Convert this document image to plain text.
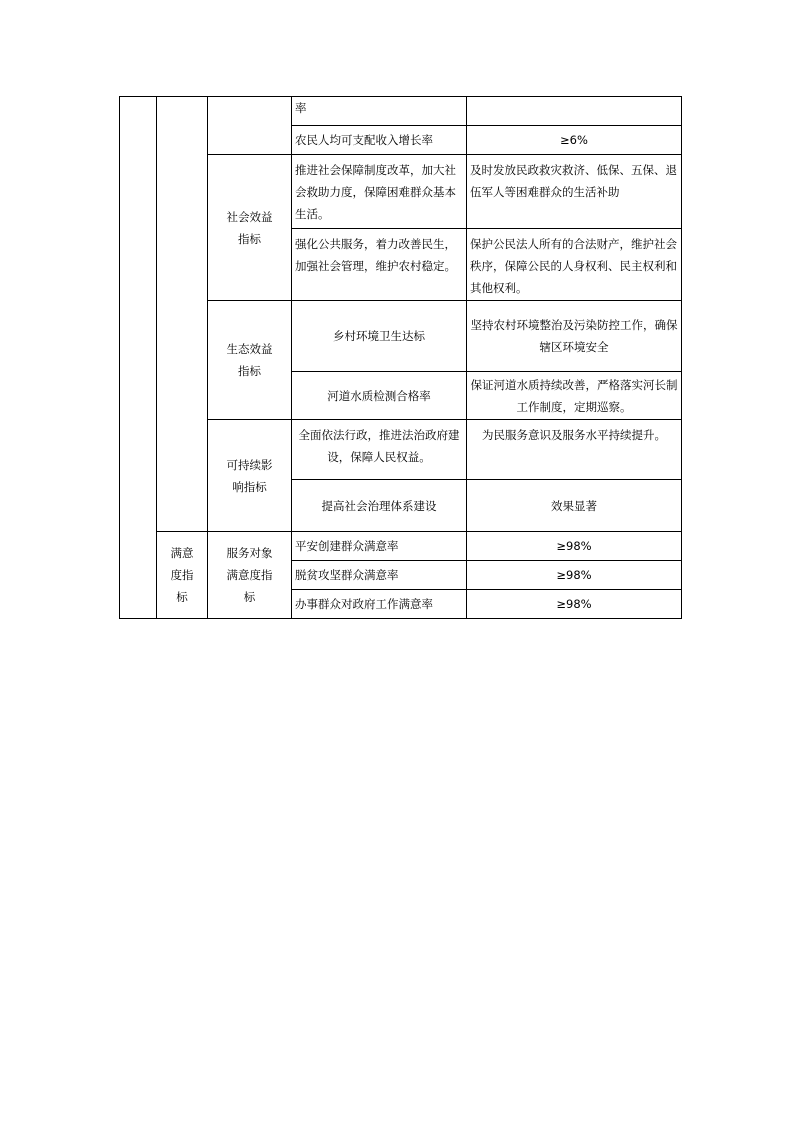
			率	
			农民人均可支配收入增长率	≥6%
		社会效益指标	推进社会保障制度改革，加大社会救助力度，保障困难群众基本生活。	及时发放民政救灾救济、低保、五保、退伍军人等困难群众的生活补助
			强化公共服务，着力改善民生，加强社会管理，维护农村稳定。	保护公民法人所有的合法财产，维护社会秩序，保障公民的人身权利、民主权利和其他权利。
		生态效益指标	乡村环境卫生达标	坚持农村环境整治及污染防控工作，确保辖区环境安全
			河道水质检测合格率	保证河道水质持续改善，严格落实河长制工作制度，定期巡察。
		可持续影响指标	全面依法行政，推进法治政府建设，保障人民权益。	为民服务意识及服务水平持续提升。
			提高社会治理体系建设	效果显著
	满意度指标	服务对象满意度指标	平安创建群众满意率	≥98%
			脱贫攻坚群众满意率	≥98%
			办事群众对政府工作满意率	≥98%
